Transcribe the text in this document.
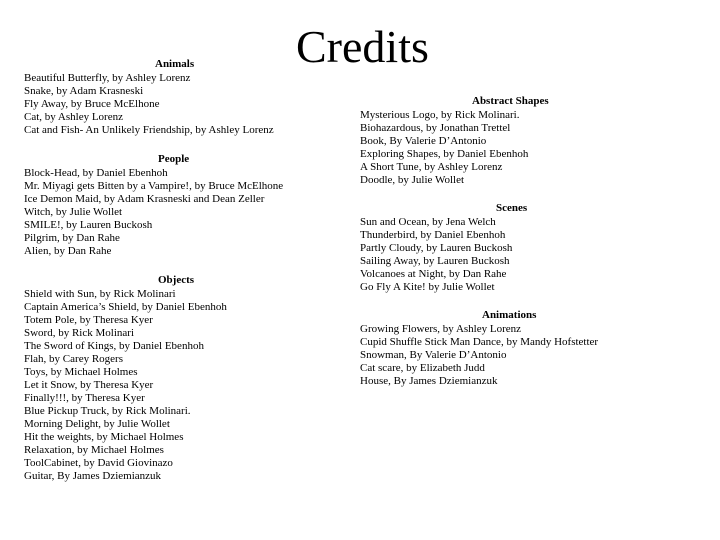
Credits
Animals
Beautiful Butterfly, by Ashley Lorenz
Snake, by Adam Krasneski
Fly Away, by Bruce McElhone
Cat, by Ashley Lorenz
Cat and Fish- An Unlikely Friendship, by Ashley Lorenz
People
Block-Head, by Daniel Ebenhoh
Mr. Miyagi gets Bitten by a Vampire!, by Bruce McElhone
Ice Demon Maid, by Adam Krasneski and Dean Zeller
Witch, by Julie Wollet
SMILE!, by Lauren Buckosh
Pilgrim, by Dan Rahe
Alien, by Dan Rahe
Objects
Shield with Sun, by Rick Molinari
Captain America’s Shield, by Daniel Ebenhoh
Totem Pole, by Theresa Kyer
Sword, by Rick Molinari
The Sword of Kings, by Daniel Ebenhoh
Flah, by Carey Rogers
Toys, by Michael Holmes
Let it Snow, by Theresa Kyer
Finally!!!, by Theresa Kyer
Blue Pickup Truck, by Rick Molinari.
Morning Delight, by Julie Wollet
Hit the weights, by Michael Holmes
Relaxation, by Michael Holmes
ToolCabinet, by David Giovinazo
Guitar, By James Dziemianzuk
Abstract Shapes
Mysterious Logo, by Rick Molinari.
Biohazardous, by Jonathan Trettel
Book, By Valerie D’Antonio
Exploring Shapes, by Daniel Ebenhoh
A Short Tune, by Ashley Lorenz
Doodle, by Julie Wollet
Scenes
Sun and Ocean, by Jena Welch
Thunderbird, by Daniel Ebenhoh
Partly Cloudy, by Lauren Buckosh
Sailing Away, by Lauren Buckosh
Volcanoes at Night, by Dan Rahe
Go Fly A Kite! by Julie Wollet
Animations
Growing Flowers, by Ashley Lorenz
Cupid Shuffle Stick Man Dance, by Mandy Hofstetter
Snowman, By Valerie D’Antonio
Cat scare, by Elizabeth Judd
House, By James Dziemianzuk
